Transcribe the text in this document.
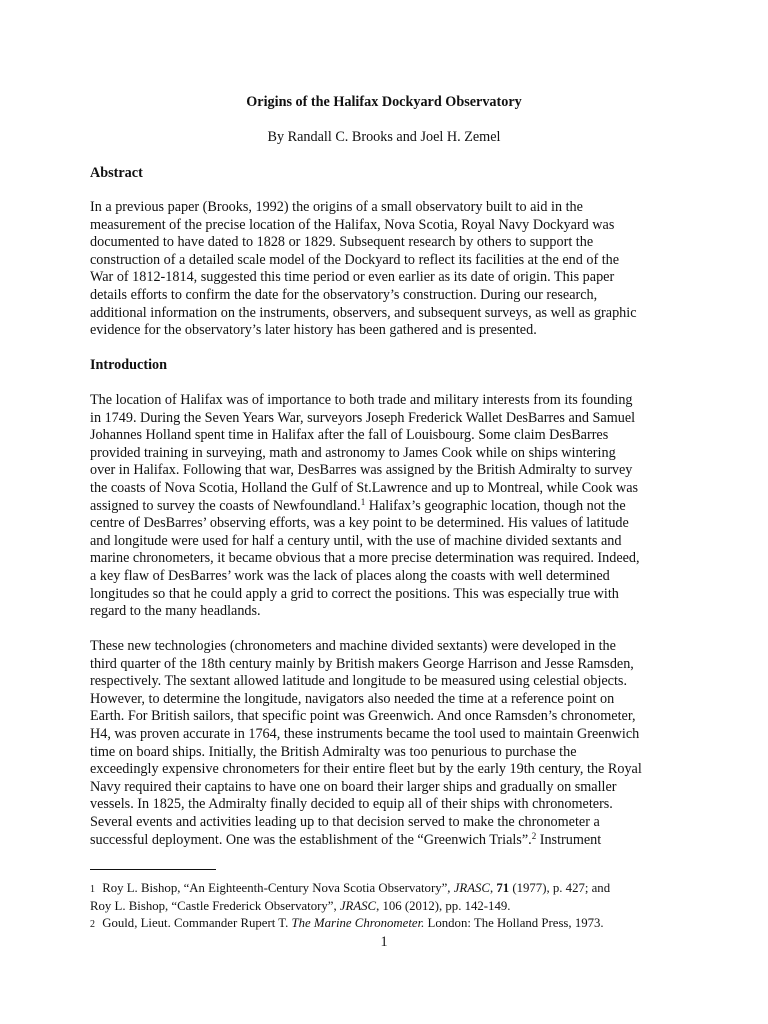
Origins of the Halifax Dockyard Observatory
By Randall C. Brooks and Joel H. Zemel
Abstract
In a previous paper (Brooks, 1992) the origins of a small observatory built to aid in the
measurement of the precise location of the Halifax, Nova Scotia, Royal Navy Dockyard was
documented to have dated to 1828 or 1829. Subsequent research by others to support the
construction of a detailed scale model of the Dockyard to reflect its facilities at the end of the
War of 1812-1814, suggested this time period or even earlier as its date of origin. This paper
details efforts to confirm the date for the observatory’s construction. During our research,
additional information on the instruments, observers, and subsequent surveys, as well as graphic
evidence for the observatory’s later history has been gathered and is presented.
Introduction
The location of Halifax was of importance to both trade and military interests from its founding
in 1749. During the Seven Years War, surveyors Joseph Frederick Wallet DesBarres and Samuel
Johannes Holland spent time in Halifax after the fall of Louisbourg. Some claim DesBarres
provided training in surveying, math and astronomy to James Cook while on ships wintering
over in Halifax. Following that war, DesBarres was assigned by the British Admiralty to survey
the coasts of Nova Scotia, Holland the Gulf of St.Lawrence and up to Montreal, while Cook was
assigned to survey the coasts of Newfoundland.$^1$ Halifax’s geographic location, though not the
centre of DesBarres’ observing efforts, was a key point to be determined. His values of latitude
and longitude were used for half a century until, with the use of machine divided sextants and
marine chronometers, it became obvious that a more precise determination was required. Indeed,
a key flaw of DesBarres’ work was the lack of places along the coasts with well determined
longitudes so that he could apply a grid to correct the positions. This was especially true with
regard to the many headlands.
These new technologies (chronometers and machine divided sextants) were developed in the
third quarter of the 18th century mainly by British makers George Harrison and Jesse Ramsden,
respectively. The sextant allowed latitude and longitude to be measured using celestial objects.
However, to determine the longitude, navigators also needed the time at a reference point on
Earth. For British sailors, that specific point was Greenwich. And once Ramsden’s chronometer,
H4, was proven accurate in 1764, these instruments became the tool used to maintain Greenwich
time on board ships. Initially, the British Admiralty was too penurious to purchase the
exceedingly expensive chronometers for their entire fleet but by the early 19th century, the Royal
Navy required their captains to have one on board their larger ships and gradually on smaller
vessels. In 1825, the Admiralty finally decided to equip all of their ships with chronometers.
Several events and activities leading up to that decision served to make the chronometer a
successful deployment. One was the establishment of the “Greenwich Trials”.$^2$ Instrument
1 Roy L. Bishop, “An Eighteenth-Century Nova Scotia Observatory”, JRASC, 71 (1977), p. 427; and
Roy L. Bishop, “Castle Frederick Observatory”, JRASC, 106 (2012), pp. 142-149.
2 Gould, Lieut. Commander Rupert T. The Marine Chronometer. London: The Holland Press, 1973.
1
